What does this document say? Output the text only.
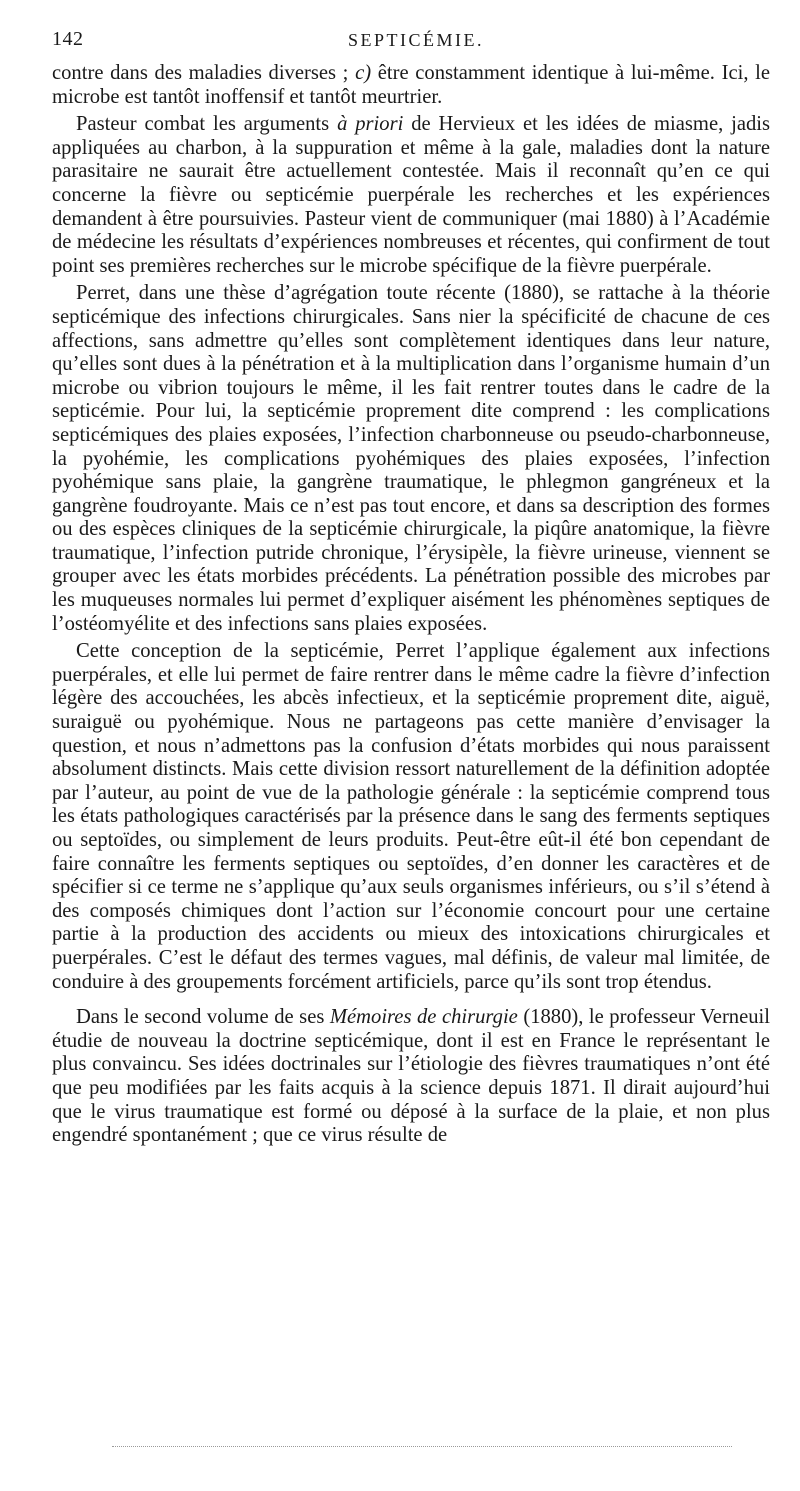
142	SEPTICÉMIE.

contre dans des maladies diverses ; c) être constamment identique à lui-même. Ici, le microbe est tantôt inoffensif et tantôt meurtrier.

Pasteur combat les arguments à priori de Hervieux et les idées de miasme, jadis appliquées au charbon, à la suppuration et même à la gale, maladies dont la nature parasitaire ne saurait être actuellement contestée. Mais il reconnaît qu’en ce qui concerne la fièvre ou septicémie puerpérale les recherches et les expériences demandent à être poursuivies. Pasteur vient de communiquer (mai 1880) à l’Académie de médecine les résultats d’expériences nombreuses et récentes, qui confirment de tout point ses premières recherches sur le microbe spécifique de la fièvre puerpérale.

Perret, dans une thèse d’agrégation toute récente (1880), se rattache à la théorie septicémique des infections chirurgicales. Sans nier la spécificité de chacune de ces affections, sans admettre qu’elles sont complètement identiques dans leur nature, qu’elles sont dues à la pénétration et à la multiplication dans l’organisme humain d’un microbe ou vibrion toujours le même, il les fait rentrer toutes dans le cadre de la septicémie. Pour lui, la septicémie proprement dite comprend : les complications septicémiques des plaies exposées, l’infection charbonneuse ou pseudo-charbonneuse, la pyohémie, les complications pyohémiques des plaies exposées, l’infection pyohémique sans plaie, la gangrène traumatique, le phlegmon gangréneux et la gangrène foudroyante. Mais ce n’est pas tout encore, et dans sa description des formes ou des espèces cliniques de la septicémie chirurgicale, la piqûre anatomique, la fièvre traumatique, l’infection putride chronique, l’érysipèle, la fièvre urineuse, viennent se grouper avec les états morbides précédents. La pénétration possible des microbes par les muqueuses normales lui permet d’expliquer aisément les phénomènes septiques de l’ostéomyélite et des infections sans plaies exposées.

Cette conception de la septicémie, Perret l’applique également aux infections puerpérales, et elle lui permet de faire rentrer dans le même cadre la fièvre d’infection légère des accouchées, les abcès infectieux, et la septicémie proprement dite, aiguë, suraiguë ou pyohémique. Nous ne partageons pas cette manière d’envisager la question, et nous n’admettons pas la confusion d’états morbides qui nous paraissent absolument distincts. Mais cette division ressort naturellement de la définition adoptée par l’auteur, au point de vue de la pathologie générale : la septicémie comprend tous les états pathologiques caractérisés par la présence dans le sang des ferments septiques ou septoïdes, ou simplement de leurs produits. Peut-être eût-il été bon cependant de faire connaître les ferments septiques ou septoïdes, d’en donner les caractères et de spécifier si ce terme ne s’applique qu’aux seuls organismes inférieurs, ou s’il s’étend à des composés chimiques dont l’action sur l’économie concourt pour une certaine partie à la production des accidents ou mieux des intoxications chirurgicales et puerpérales. C’est le défaut des termes vagues, mal définis, de valeur mal limitée, de conduire à des groupements forcément artificiels, parce qu’ils sont trop étendus.

Dans le second volume de ses Mémoires de chirurgie (1880), le professeur Verneuil étudie de nouveau la doctrine septicémique, dont il est en France le représentant le plus convaincu. Ses idées doctrinales sur l’étiologie des fièvres traumatiques n’ont été que peu modifiées par les faits acquis à la science depuis 1871. Il dirait aujourd’hui que le virus traumatique est formé ou déposé à la surface de la plaie, et non plus engendré spontanément ; que ce virus résulte de
